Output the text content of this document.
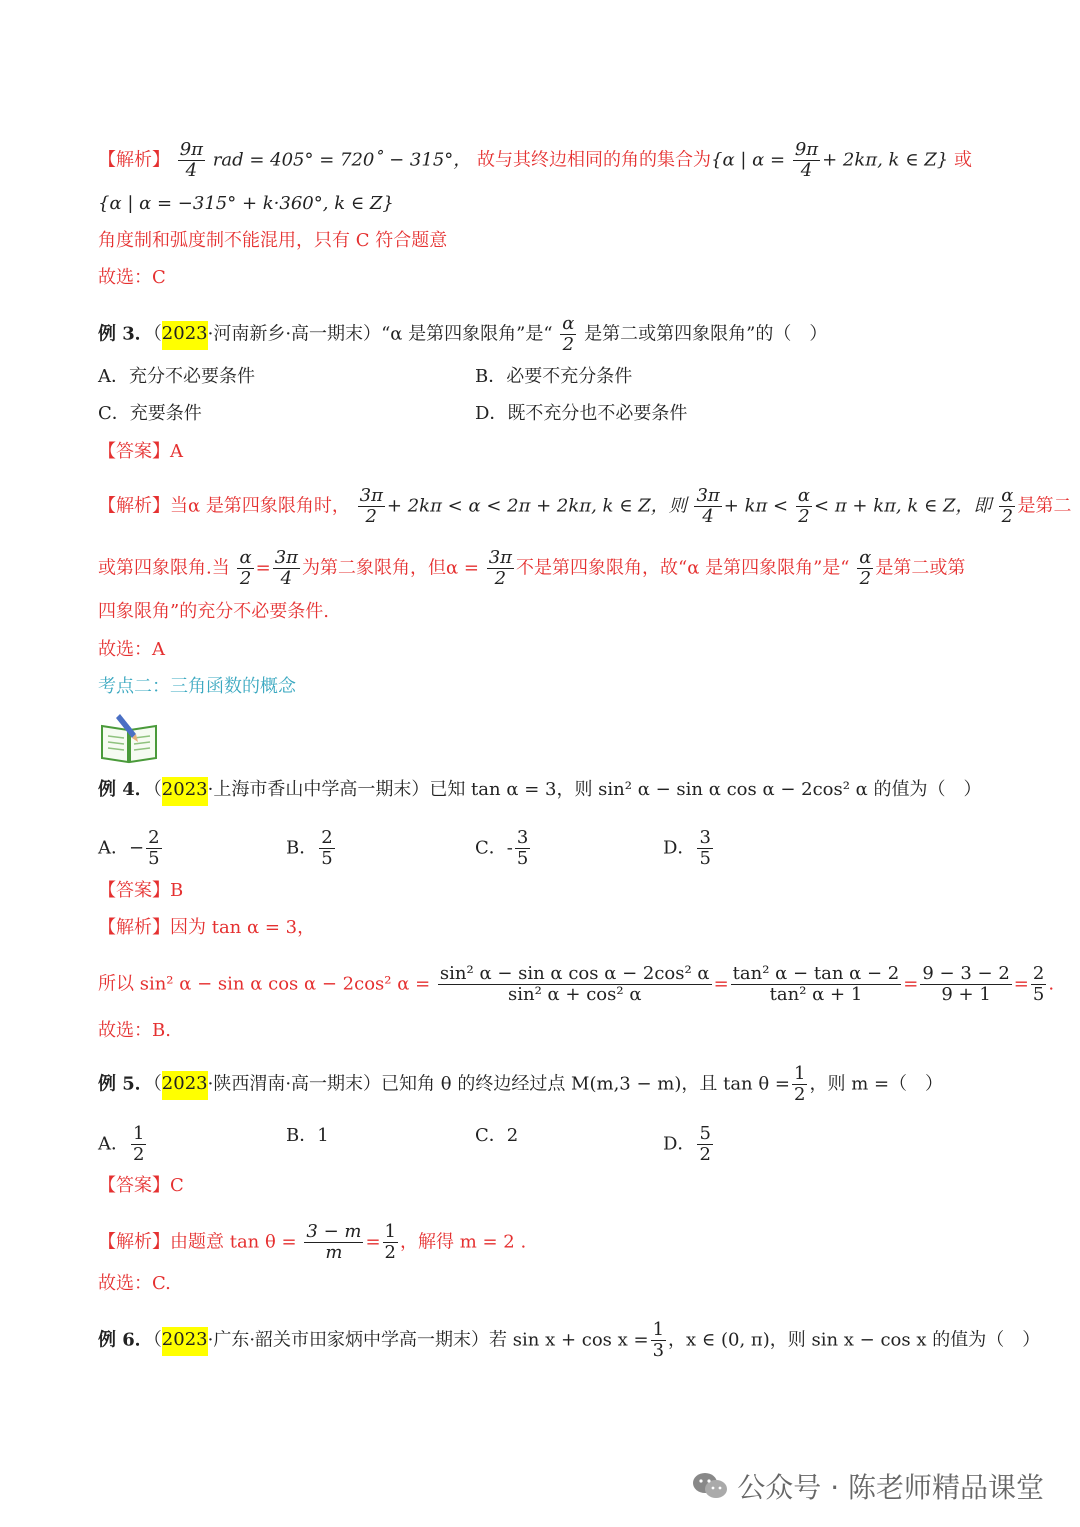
【解析】 $\frac{9\pi}{4}$ rad = 405° = 720˚ − 315°， 故与其终边相同的角的集合为{α | $\alpha = \frac{9\pi}{4} + 2k\pi$, k ∈ Z} 或
{α | α = −315° + k·360°, k ∈ Z}
角度制和弧度制不能混用，只有 C 符合题意
故选：C
例 3．（2023·河南新乡·高一期末）“α 是第四象限角”是“ $\frac{\alpha}{2}$ 是第二或第四象限角”的（　）
A．充分不必要条件	B．必要不充分条件
C．充要条件	D．既不充分也不必要条件
【答案】A
【解析】当α 是第四象限角时， $\frac{3\pi}{2} + 2k\pi < \alpha < 2\pi + 2k\pi$, k ∈ Z，则 $\frac{3\pi}{4} + k\pi < \frac{\alpha}{2} < \pi + k\pi$, k ∈ Z，即 $\frac{\alpha}{2}$ 是第二
或第四象限角.当 $\frac{\alpha}{2} = \frac{3\pi}{4}$ 为第二象限角，但$\alpha = \frac{3\pi}{2}$ 不是第四象限角，故“α 是第四象限角”是“ $\frac{\alpha}{2}$ 是第二或第
四象限角”的充分不必要条件.
故选：A
考点二：三角函数的概念
例 4．（2023·上海市香山中学高一期末）已知 tan α = 3，则 sin² α − sin α cos α − 2cos² α 的值为（　）
A．− $\frac{2}{5}$	B． $\frac{2}{5}$	C．- $\frac{3}{5}$	D． $\frac{3}{5}$
【答案】B
【解析】因为 tan α = 3，
所以 sin² α − sin α cos α − 2cos² $\alpha = \frac{\text{sin² α − sin α cos α − 2cos² α}}{\text{sin² α + cos² α}} = \frac{\text{tan² α − tan α − 2}}{\text{tan² α + 1}} = \frac{9 - 3 - 2}{9 + 1} = \frac{2}{5}$ .
故选：B.
例 5．（2023·陕西渭南·高一期末）已知角 θ 的终边经过点 M(m,3 − m)，且 $\tan \theta = \frac{1}{2}$ ，则 m =（　）
A． $\frac{1}{2}$	B．1	C．2	D． $\frac{5}{2}$
【答案】C
【解析】由题意 $\tan \theta = \frac{3 - m}{m} = \frac{1}{2}$ ，解得 m = 2 .
故选：C.
例 6．（2023·广东·韶关市田家炳中学高一期末）若 $\sin x + \cos x = \frac{1}{3}$ ，x ∈ (0, π)，则 sin x − cos x 的值为（　）
公众号 · 陈老师精品课堂
